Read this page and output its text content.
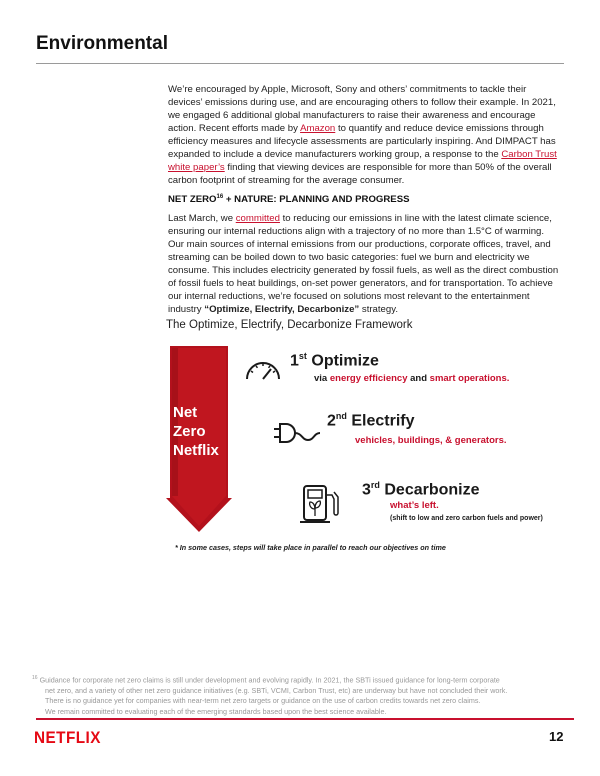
Environmental
We’re encouraged by Apple, Microsoft, Sony and others’ commitments to tackle their devices’ emissions during use, and are encouraging others to follow their example. In 2021, we engaged 6 additional global manufacturers to raise their awareness and encourage action. Recent efforts made by Amazon to quantify and reduce device emissions through efficiency measures and lifecycle assessments are particularly inspiring. And DIMPACT has expanded to include a device manufacturers working group, a response to the Carbon Trust white paper’s finding that viewing devices are responsible for more than 50% of the overall carbon footprint of streaming for the average consumer.
NET $ZERO^{16}$ + NATURE: PLANNING AND PROGRESS
Last March, we committed to reducing our emissions in line with the latest climate science, ensuring our internal reductions align with a trajectory of no more than 1.5°C of warming. Our main sources of internal emissions from our productions, corporate offices, travel, and streaming can be boiled down to two basic categories: fuel we burn and electricity we consume. This includes electricity generated by fossil fuels, as well as the direct combustion of fossil fuels to heat buildings, on-set power generators, and for transportation. To achieve our internal reductions, we’re focused on solutions most relevant to the entertainment industry “Optimize, Electrify, Decarbonize” strategy.
The Optimize, Electrify, Decarbonize Framework
Net
Zero
Netflix
1st Optimize
via energy efficiency and smart operations.
2nd Electrify
vehicles, buildings, & generators.
3rd Decarbonize
what’s left.
(shift to low and zero carbon fuels and power)
* In some cases, steps will take place in parallel to reach our objectives on time
$^{16}$ Guidance for corporate net zero claims is still under development and evolving rapidly. In 2021, the SBTi issued guidance for long-term corporate
net zero, and a variety of other net zero guidance initiatives (e.g. SBTi, VCMI, Carbon Trust, etc) are underway but have not concluded their work.
There is no guidance yet for companies with near-term net zero targets or guidance on the use of carbon credits towards net zero claims.
We remain committed to evaluating each of the emerging standards based upon the best science available.
NETFLIX	12
